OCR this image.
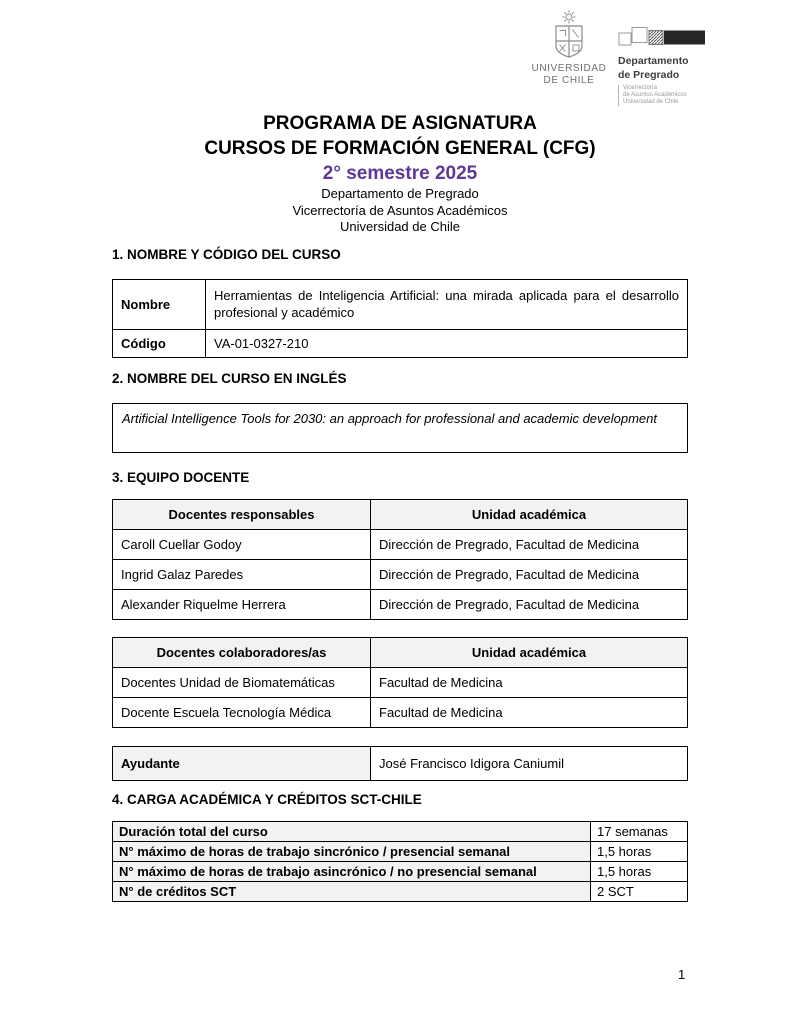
UNIVERSIDAD
DE CHILE
Departamento
de Pregrado
Vicerrectoría
de Asuntos Académicos
Universidad de Chile
PROGRAMA DE ASIGNATURA
CURSOS DE FORMACIÓN GENERAL (CFG)
2° semestre 2025
Departamento de Pregrado
Vicerrectoría de Asuntos Académicos
Universidad de Chile
1. NOMBRE Y CÓDIGO DEL CURSO
Nombre	Herramientas de Inteligencia Artificial: una mirada aplicada para el desarrollo profesional y académico
Código	VA-01-0327-210
2. NOMBRE DEL CURSO EN INGLÉS
Artificial Intelligence Tools for 2030: an approach for professional and academic development
3. EQUIPO DOCENTE
Docentes responsables	Unidad académica
Caroll Cuellar Godoy	Dirección de Pregrado, Facultad de Medicina
Ingrid Galaz Paredes	Dirección de Pregrado, Facultad de Medicina
Alexander Riquelme Herrera	Dirección de Pregrado, Facultad de Medicina
Docentes colaboradores/as	Unidad académica
Docentes Unidad de Biomatemáticas	Facultad de Medicina
Docente Escuela Tecnología Médica	Facultad de Medicina
Ayudante	José Francisco Idigora Caniumil
4. CARGA ACADÉMICA Y CRÉDITOS SCT-CHILE
Duración total del curso	17 semanas
N° máximo de horas de trabajo sincrónico / presencial semanal	1,5 horas
N° máximo de horas de trabajo asincrónico / no presencial semanal	1,5 horas
N° de créditos SCT	2 SCT
1
